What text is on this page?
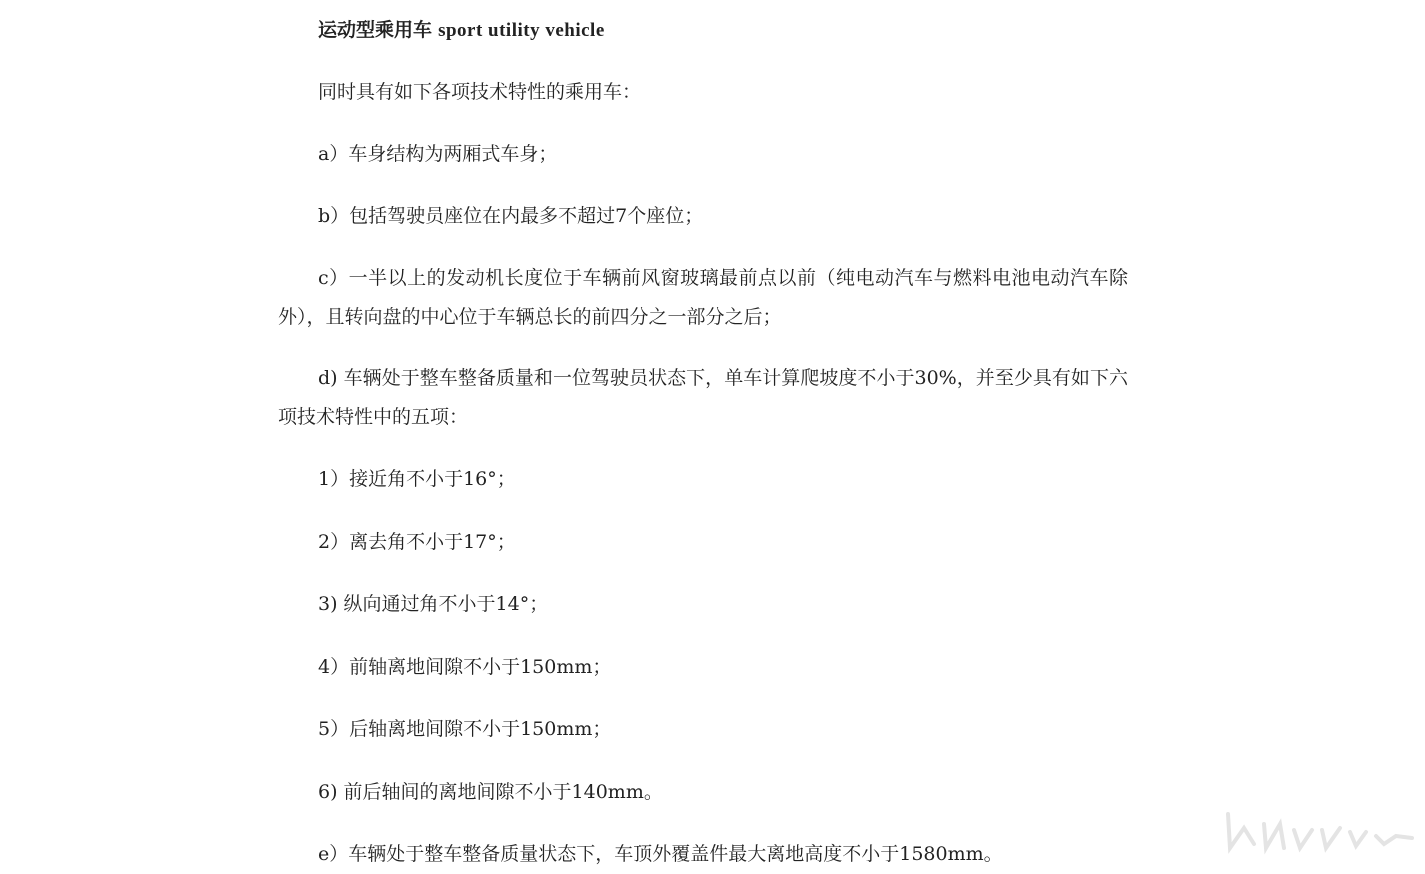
运动型乘用车 sport utility vehicle

同时具有如下各项技术特性的乘用车：

a）车身结构为两厢式车身；

b）包括驾驶员座位在内最多不超过7个座位；

c）一半以上的发动机长度位于车辆前风窗玻璃最前点以前（纯电动汽车与燃料电池电动汽车除外），且转向盘的中心位于车辆总长的前四分之一部分之后；

d) 车辆处于整车整备质量和一位驾驶员状态下，单车计算爬坡度不小于30%，并至少具有如下六项技术特性中的五项：

1）接近角不小于16°；

2）离去角不小于17°；

3) 纵向通过角不小于14°；

4）前轴离地间隙不小于150mm；

5）后轴离地间隙不小于150mm；

6) 前后轴间的离地间隙不小于140mm。

e）车辆处于整车整备质量状态下，车顶外覆盖件最大离地高度不小于1580mm。
